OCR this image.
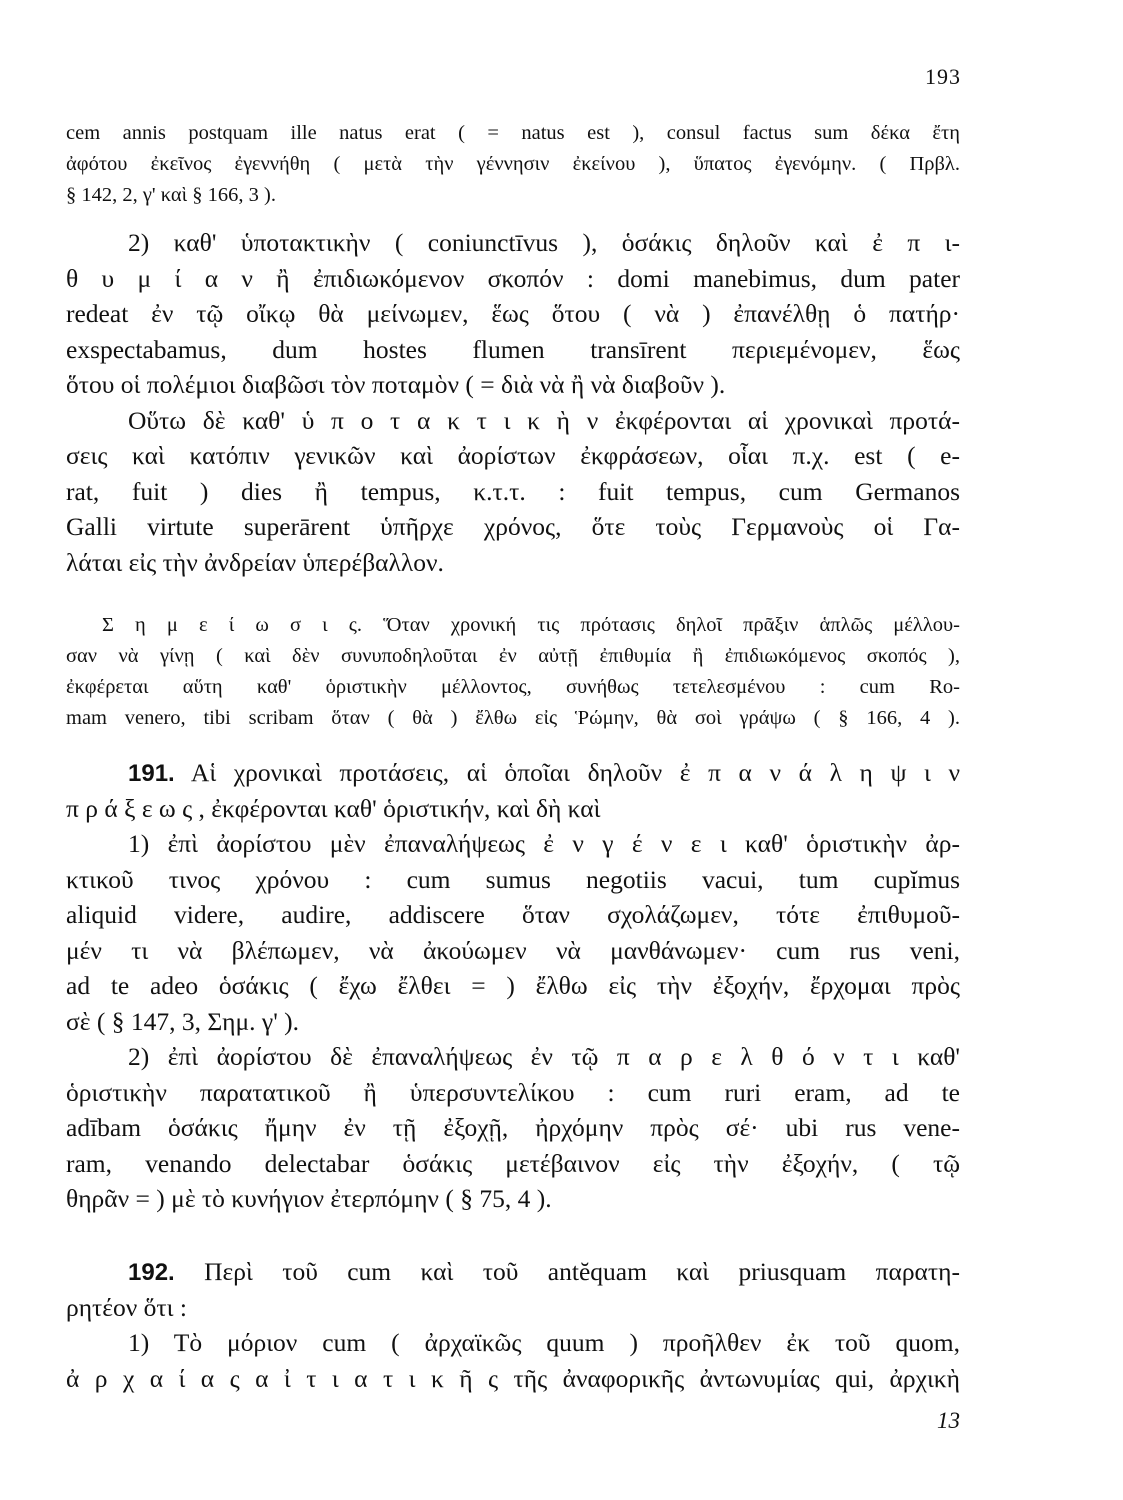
193
cem annis postquam ille natus erat ( = natus est ), consul factus sum δέκα ἔτη
ἀφότου ἐκεῖνος ἐγεννήθη ( μετὰ τὴν γέννησιν ἐκείνου ), ὕπατος ἐγενόμην. ( Πρβλ.
§ 142, 2, γ' καὶ § 166, 3 ).
2) καθ' ὑποτακτικὴν ( coniunctīvus ), ὁσάκις δηλοῦν καὶ ἐ π ι-
θ υ μ ί α ν ἢ ἐπιδιωκόμενον σκοπόν : domi manebimus, dum pater
redeat ἐν τῷ οἴκῳ θὰ μείνωμεν, ἕως ὅτου ( νὰ ) ἐπανέλθῃ ὁ πατήρ·
exspectabamus, dum hostes flumen transīrent περιεμένομεν, ἕως
ὅτου οἱ πολέμιοι διαβῶσι τὸν ποταμὸν ( = διὰ νὰ ἢ νὰ διαβοῦν ).
Οὕτω δὲ καθ' ὑ π ο τ α κ τ ι κ ὴ ν ἐκφέρονται αἱ χρονικαὶ προτά-
σεις καὶ κατόπιν γενικῶν καὶ ἀορίστων ἐκφράσεων, οἷαι π.χ. est ( e-
rat, fuit ) dies ἢ tempus, κ.τ.τ. : fuit tempus, cum Germanos
Galli virtute superārent ὑπῆρχε χρόνος, ὅτε τοὺς Γερμανοὺς οἱ Γα-
λάται εἰς τὴν ἀνδρείαν ὑπερέβαλλον.
Σ η μ ε ί ω σ ι ς. Ὅταν χρονική τις πρότασις δηλοῖ πρᾶξιν ἁπλῶς μέλλου-
σαν νὰ γίνῃ ( καὶ δὲν συνυποδηλοῦται ἐν αὐτῇ ἐπιθυμία ἢ ἐπιδιωκόμενος σκοπός ),
ἐκφέρεται αὕτη καθ' ὁριστικὴν μέλλοντος, συνήθως τετελεσμένου : cum Ro-
mam venero, tibi scribam ὅταν ( θὰ ) ἔλθω εἰς Ῥώμην, θὰ σοὶ γράψω ( § 166, 4 ).
191. Αἱ χρονικαὶ προτάσεις, αἱ ὁποῖαι δηλοῦν ἐ π α ν ά λ η ψ ι ν
π ρ ά ξ ε ω ς , ἐκφέρονται καθ' ὁριστικήν, καὶ δὴ καὶ
1) ἐπὶ ἀορίστου μὲν ἐπαναλήψεως ἐ ν γ έ ν ε ι καθ' ὁριστικὴν ἀρ-
κτικοῦ τινος χρόνου : cum sumus negotiis vacui, tum cupĭmus
aliquid videre, audire, addiscere ὅταν σχολάζωμεν, τότε ἐπιθυμοῦ-
μέν τι νὰ βλέπωμεν, νὰ ἀκούωμεν νὰ μανθάνωμεν· cum rus veni,
ad te adeo ὁσάκις ( ἔχω ἔλθει = ) ἔλθω εἰς τὴν ἐξοχήν, ἔρχομαι πρὸς
σὲ ( § 147, 3, Σημ. γ' ).
2) ἐπὶ ἀορίστου δὲ ἐπαναλήψεως ἐν τῷ π α ρ ε λ θ ό ν τ ι καθ'
ὁριστικὴν παρατατικοῦ ἢ ὑπερσυντελίκου : cum ruri eram, ad te
adībam ὁσάκις ἤμην ἐν τῇ ἐξοχῇ, ἠρχόμην πρὸς σέ· ubi rus vene-
ram, venando delectabar ὁσάκις μετέβαινον εἰς τὴν ἐξοχήν, ( τῷ
θηρᾶν = ) μὲ τὸ κυνήγιον ἐτερπόμην ( § 75, 4 ).
192. Περὶ τοῦ cum καὶ τοῦ antĕquam καὶ priusquam παρατη-
ρητέον ὅτι :
1) Τὸ μόριον cum ( ἀρχαϊκῶς quum ) προῆλθεν ἐκ τοῦ quom,
ἀ ρ χ α ί α ς α ἰ τ ι α τ ι κ ῆ ς τῆς ἀναφορικῆς ἀντωνυμίας qui, ἀρχικὴ
13
